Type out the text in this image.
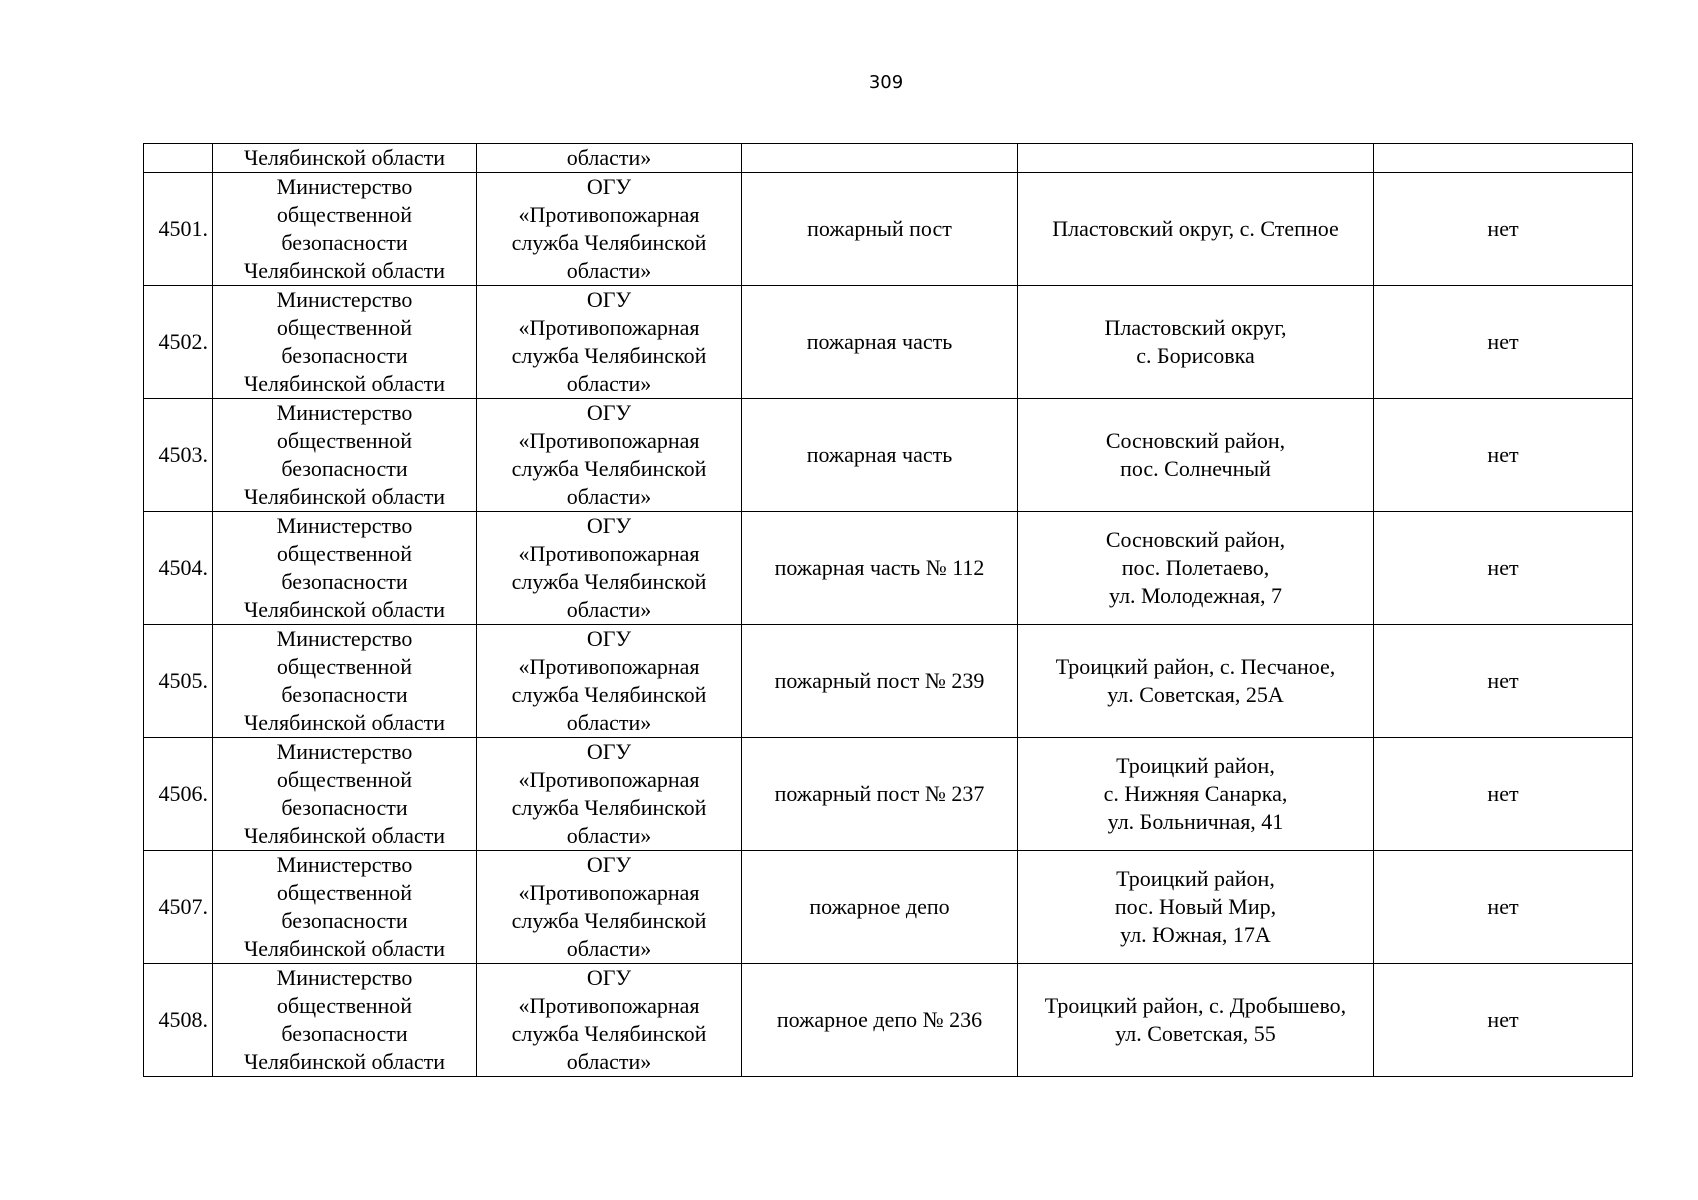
309
	Челябинской области	области»			
4501.	Министерство
общественной
безопасности
Челябинской области	ОГУ
«Противопожарная
служба Челябинской
области»	пожарный пост	Пластовский округ, с. Степное	нет
4502.	Министерство
общественной
безопасности
Челябинской области	ОГУ
«Противопожарная
служба Челябинской
области»	пожарная часть	Пластовский округ,
с. Борисовка	нет
4503.	Министерство
общественной
безопасности
Челябинской области	ОГУ
«Противопожарная
служба Челябинской
области»	пожарная часть	Сосновский район,
пос. Солнечный	нет
4504.	Министерство
общественной
безопасности
Челябинской области	ОГУ
«Противопожарная
служба Челябинской
области»	пожарная часть № 112	Сосновский район,
пос. Полетаево,
ул. Молодежная, 7	нет
4505.	Министерство
общественной
безопасности
Челябинской области	ОГУ
«Противопожарная
служба Челябинской
области»	пожарный пост № 239	Троицкий район, с. Песчаное,
ул. Советская, 25А	нет
4506.	Министерство
общественной
безопасности
Челябинской области	ОГУ
«Противопожарная
служба Челябинской
области»	пожарный пост № 237	Троицкий район,
с. Нижняя Санарка,
ул. Больничная, 41	нет
4507.	Министерство
общественной
безопасности
Челябинской области	ОГУ
«Противопожарная
служба Челябинской
области»	пожарное депо	Троицкий район,
пос. Новый Мир,
ул. Южная, 17А	нет
4508.	Министерство
общественной
безопасности
Челябинской области	ОГУ
«Противопожарная
служба Челябинской
области»	пожарное депо № 236	Троицкий район, с. Дробышево,
ул. Советская, 55	нет
